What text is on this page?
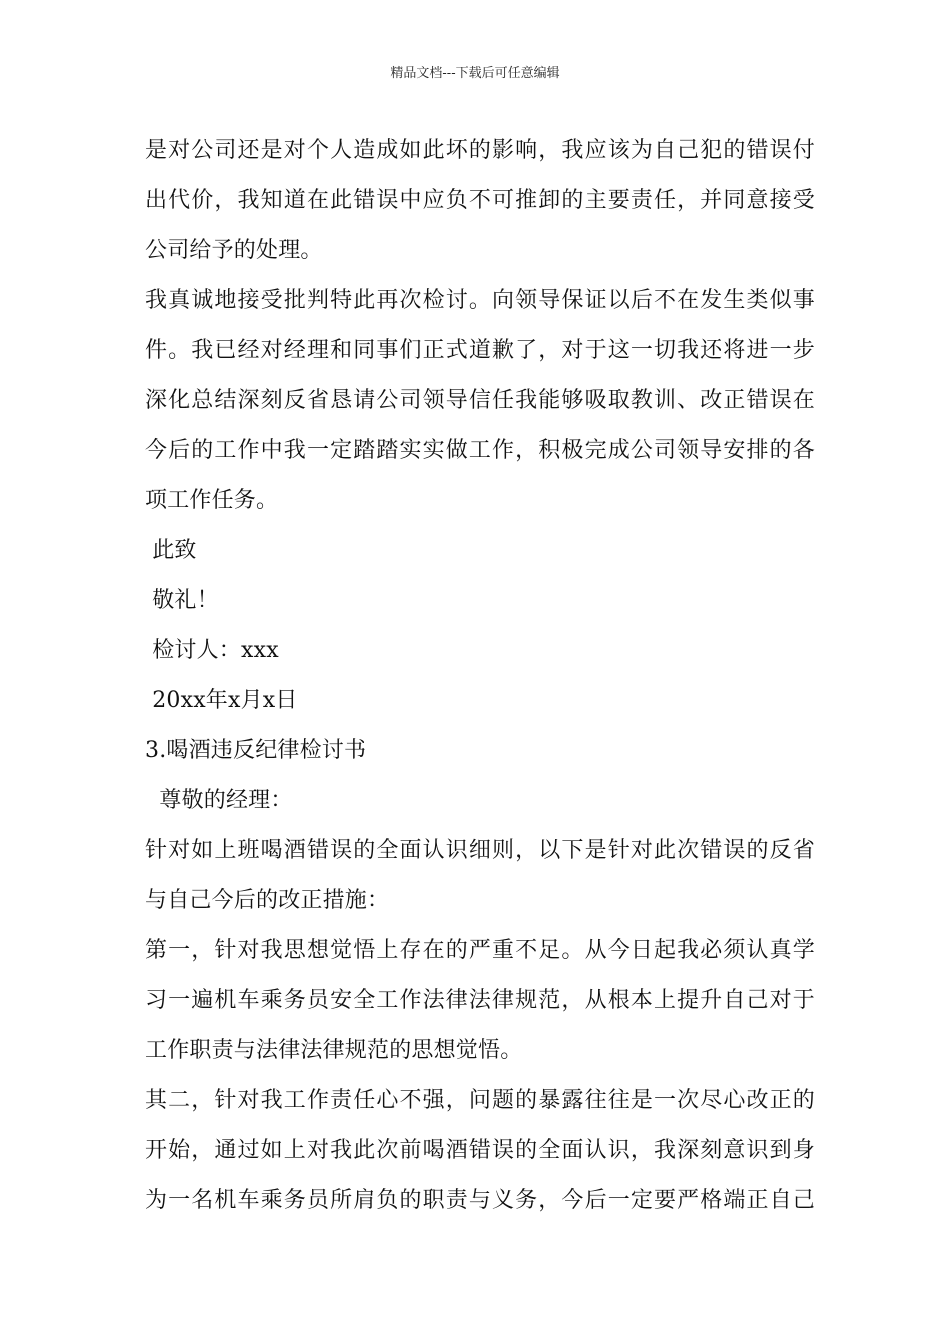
精品文档---下载后可任意编辑
是对公司还是对个人造成如此坏的影响，我应该为自己犯的错误付
出代价，我知道在此错误中应负不可推卸的主要责任，并同意接受
公司给予的处理。
我真诚地接受批判特此再次检讨。向领导保证以后不在发生类似事
件。我已经对经理和同事们正式道歉了，对于这一切我还将进一步
深化总结深刻反省恳请公司领导信任我能够吸取教训、改正错误在
今后的工作中我一定踏踏实实做工作，积极完成公司领导安排的各
项工作任务。
此致
敬礼！
检讨人：xxx
20xx年x月x日
3.喝酒违反纪律检讨书
尊敬的经理：
针对如上班喝酒错误的全面认识细则，以下是针对此次错误的反省
与自己今后的改正措施：
第一，针对我思想觉悟上存在的严重不足。从今日起我必须认真学
习一遍机车乘务员安全工作法律法律规范，从根本上提升自己对于
工作职责与法律法律规范的思想觉悟。
其二，针对我工作责任心不强，问题的暴露往往是一次尽心改正的
开始，通过如上对我此次前喝酒错误的全面认识，我深刻意识到身
为一名机车乘务员所肩负的职责与义务，今后一定要严格端正自己
